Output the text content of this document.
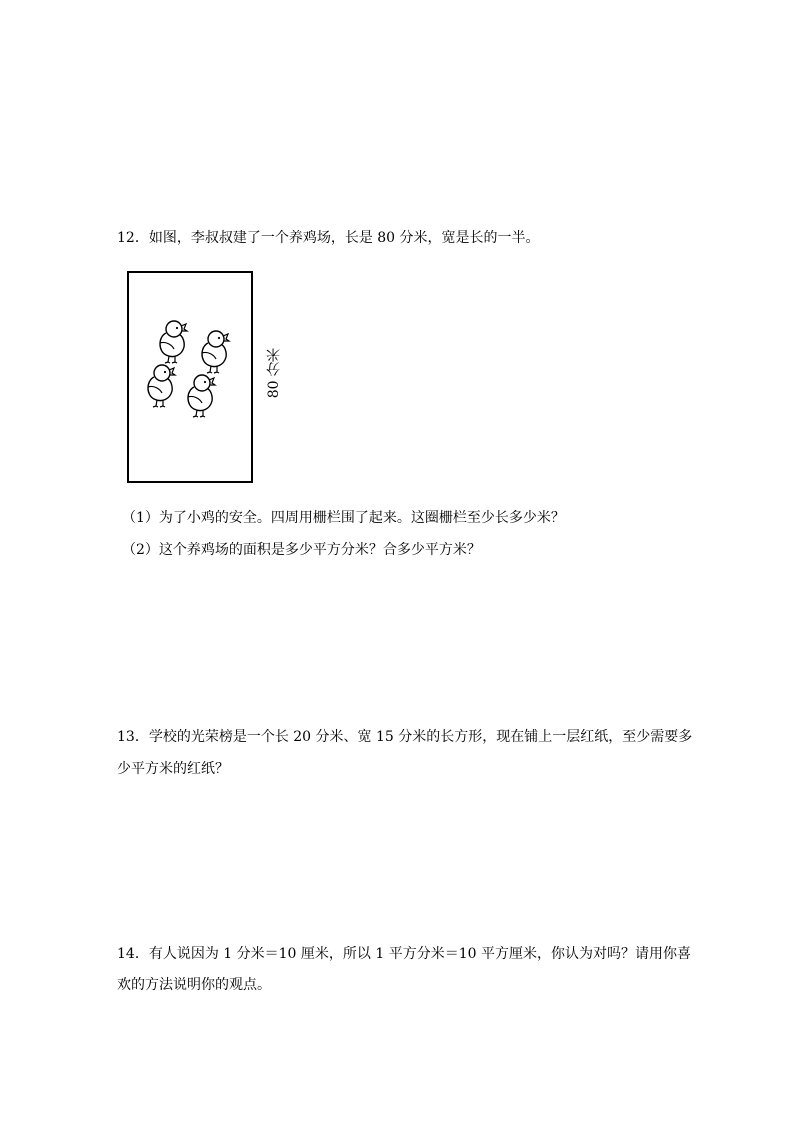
12．如图，李叔叔建了一个养鸡场，长是 80 分米，宽是长的一半。
80 分米
（1）为了小鸡的安全。四周用栅栏围了起来。这圈栅栏至少长多少米？
（2）这个养鸡场的面积是多少平方分米？合多少平方米？
13．学校的光荣榜是一个长 20 分米、宽 15 分米的长方形，现在铺上一层红纸，至少需要多
少平方米的红纸？
14．有人说因为 1 分米＝10 厘米，所以 1 平方分米＝10 平方厘米，你认为对吗？请用你喜
欢的方法说明你的观点。
